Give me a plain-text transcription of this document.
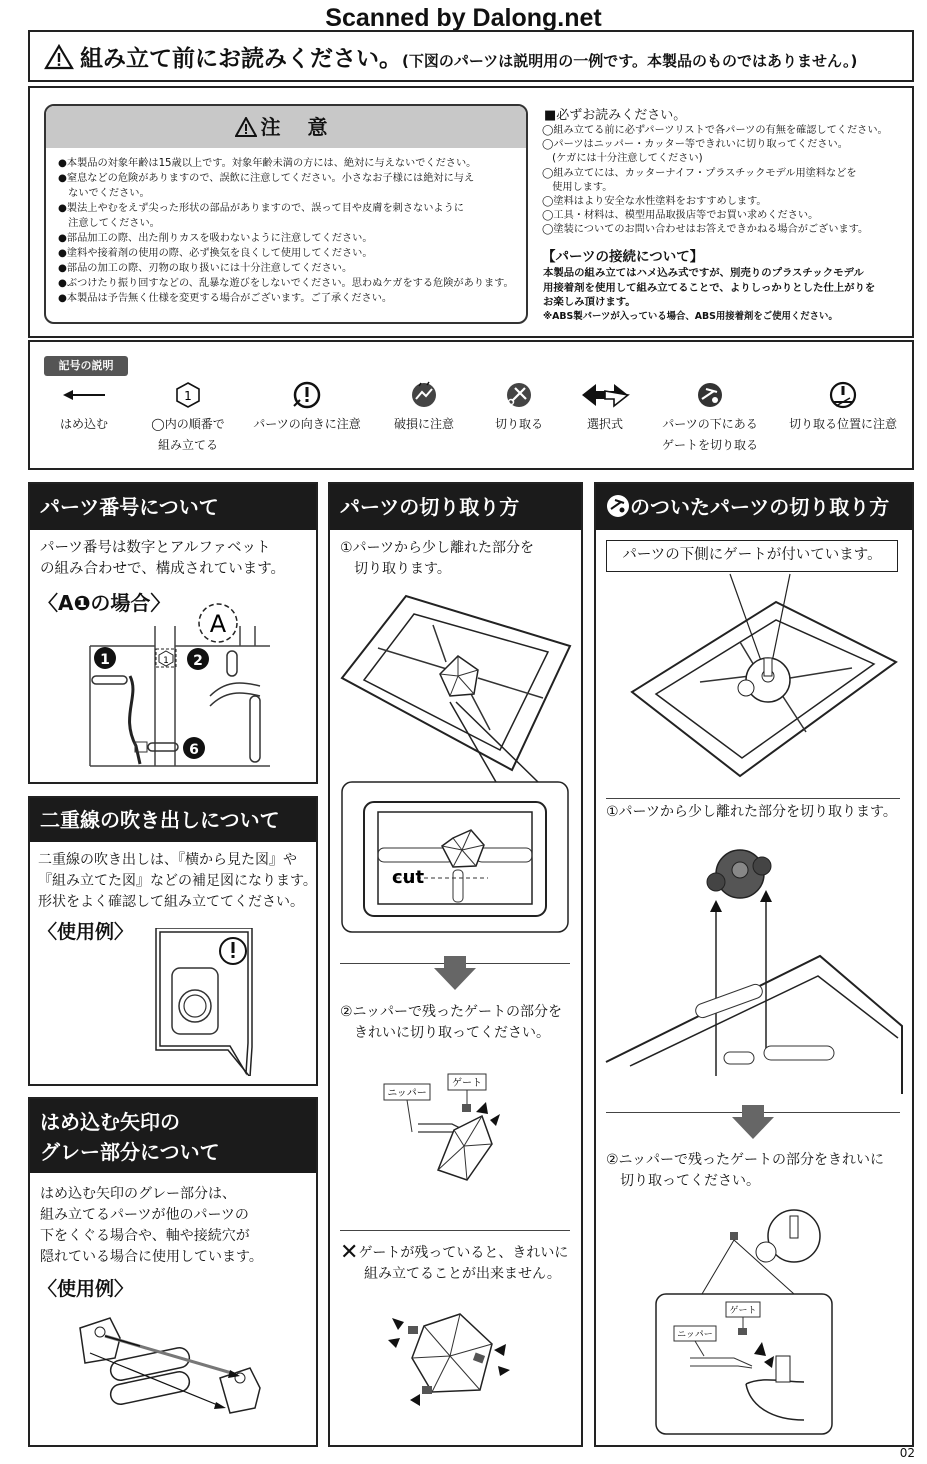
Scanned by Dalong.net
組み立て前にお読みください。(下図のパーツは説明用の一例です。本製品のものではありません。)
注 意
●本製品の対象年齢は15歳以上です。対象年齢未満の方には、絶対に与えないでください。
●窒息などの危険がありますので、誤飲に注意してください。小さなお子様には絶対に与え
　ないでください。
●製法上やむをえず尖った形状の部品がありますので、誤って目や皮膚を刺さないように
　注意してください。
●部品加工の際、出た削りカスを吸わないように注意してください。
●塗料や接着剤の使用の際、必ず換気を良くして使用してください。
●部品の加工の際、刃物の取り扱いには十分注意してください。
●ぶつけたり振り回すなどの、乱暴な遊びをしないでください。思わぬケガをする危険があります。
●本製品は予告無く仕様を変更する場合がございます。ご了承ください。
■必ずお読みください。
◯組み立てる前に必ずパーツリストで各パーツの有無を確認してください。
◯パーツはニッパー・カッター等できれいに切り取ってください。
　(ケガには十分注意してください)
◯組み立てには、カッターナイフ・プラスチックモデル用塗料などを
　使用します。
◯塗料はより安全な水性塗料をおすすめします。
◯工具・材料は、模型用品取扱店等でお買い求めください。
◯塗装についてのお問い合わせはお答えできかねる場合がございます。
【パーツの接続について】
本製品の組み立てはハメ込み式ですが、別売りのプラスチックモデル
用接着剤を使用して組み立てることで、よりしっかりとした仕上がりを
お楽しみ頂けます。
※ABS製パーツが入っている場合、ABS用接着剤をご使用ください。
記号の説明
はめ込む
1
◯内の順番で
組み立てる
パーツの向きに注意	破損に注意	切り取る	選択式	パーツの下にある
ゲートを切り取る
切り取る位置に注意
パーツ番号について
パーツ番号は数字とアルファベット
の組み合わせで、構成されています。
〈A❶の場合〉
A
1	1 2
6
二重線の吹き出しについて
二重線の吹き出しは、『横から見た図』や
『組み立てた図』などの補足図になります。
形状をよく確認して組み立ててください。
〈使用例〉
はめ込む矢印の
グレー部分について
はめ込む矢印のグレー部分は、
組み立てるパーツが他のパーツの
下をくぐる場合や、軸や接続穴が
隠れている場合に使用しています。
〈使用例〉
パーツの切り取り方
①パーツから少し離れた部分を
　切り取ります。
cut
②ニッパーで残ったゲートの部分を
　きれいに切り取ってください。
ニッパー
ゲート
✕ゲートが残っていると、きれいに
組み立てることが出来ません。
のついたパーツの切り取り方
パーツの下側にゲートが付いています。
①パーツから少し離れた部分を切り取ります。
②ニッパーで残ったゲートの部分をきれいに
　切り取ってください。
ゲート
ニッパー
02
